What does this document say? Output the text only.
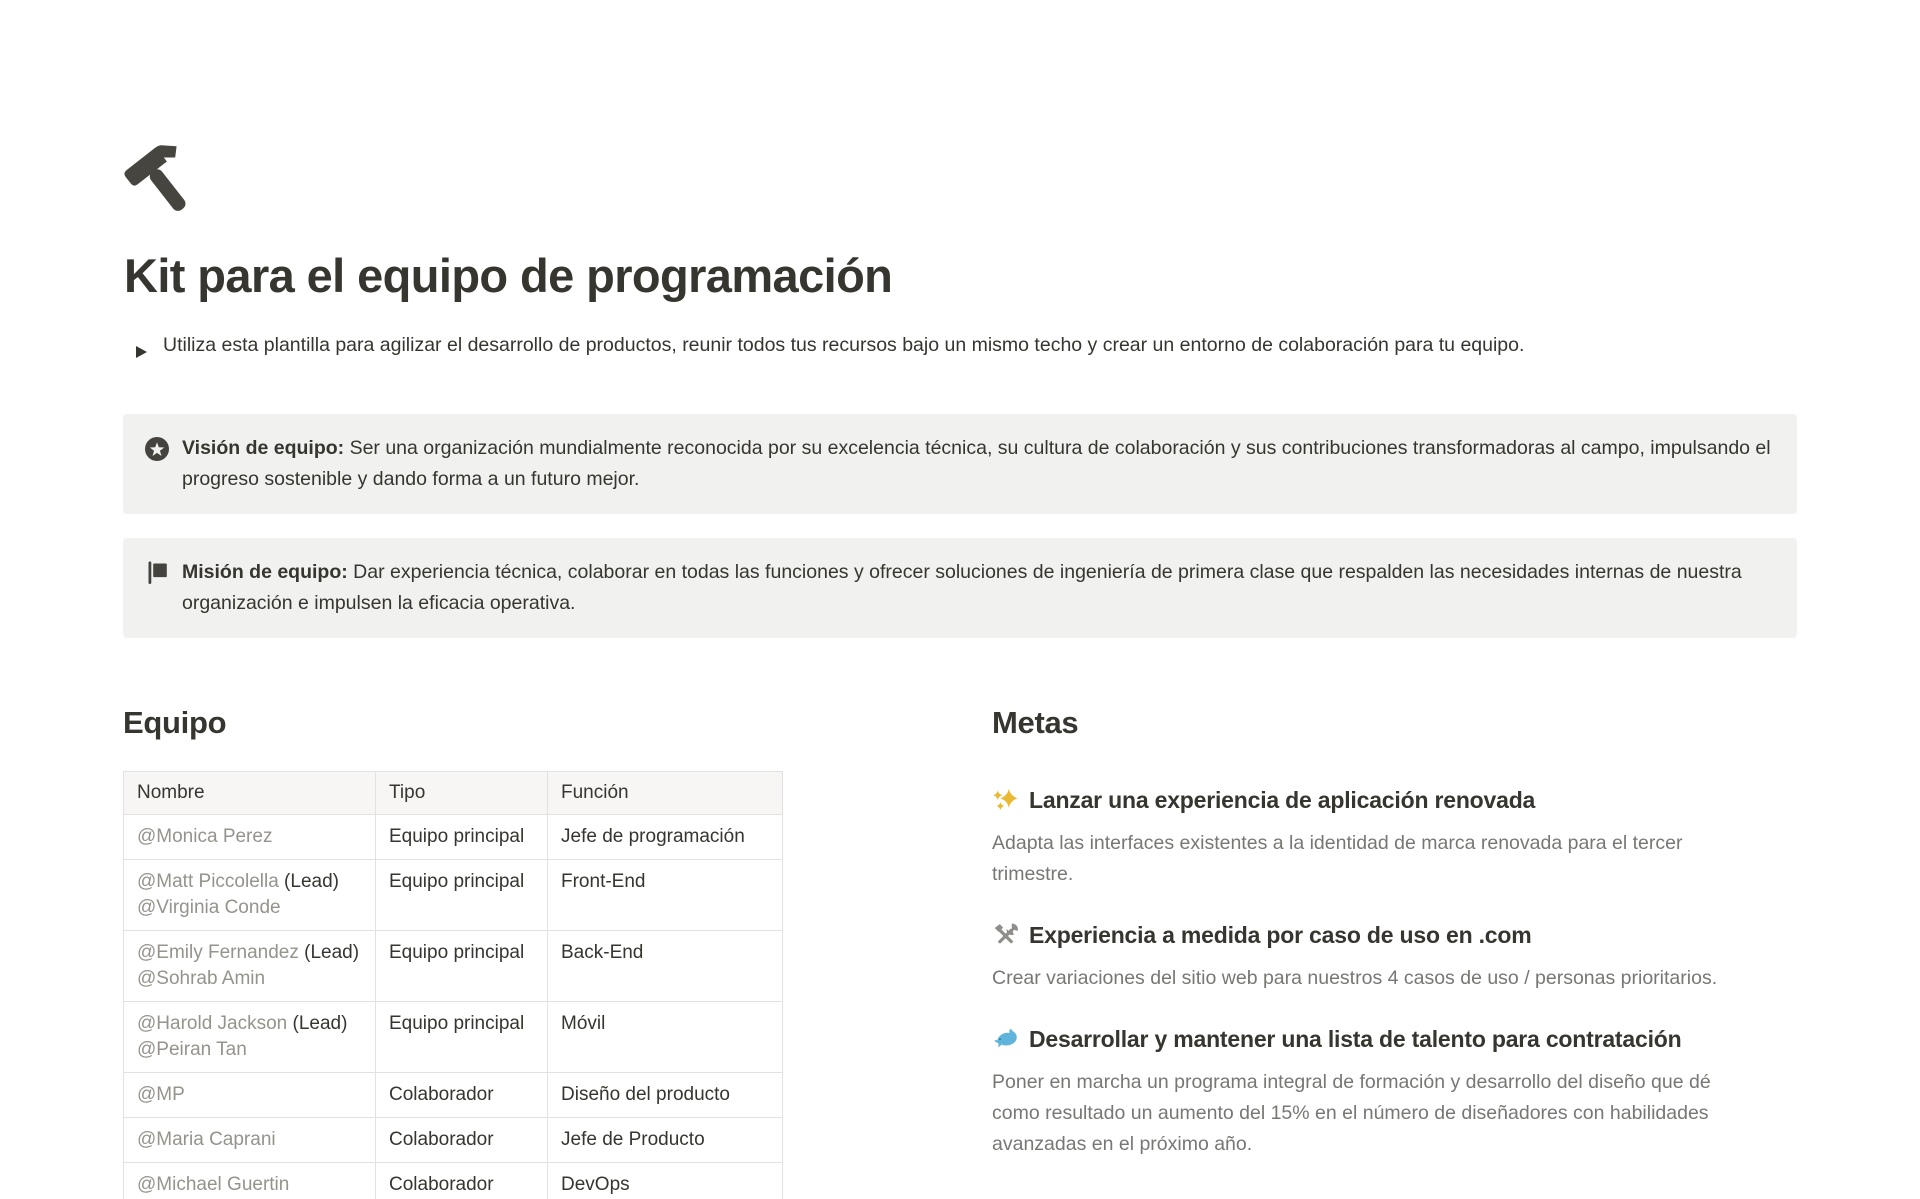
Kit para el equipo de programación
Utiliza esta plantilla para agilizar el desarrollo de productos, reunir todos tus recursos bajo un mismo techo y crear un entorno de colaboración para tu equipo.

Visión de equipo: Ser una organización mundialmente reconocida por su excelencia técnica, su cultura de colaboración y sus contribuciones transformadoras al campo, impulsando el progreso sostenible y dando forma a un futuro mejor.

Misión de equipo: Dar experiencia técnica, colaborar en todas las funciones y ofrecer soluciones de ingeniería de primera clase que respalden las necesidades internas de nuestra organización e impulsen la eficacia operativa.

Equipo
Nombre	Tipo	Función

@Monica Perez	Equipo principal	Jefe de programación

@Matt Piccolella (Lead)
@Virginia Conde	Equipo principal	Front-End

@Emily Fernandez (Lead)
@Sohrab Amin	Equipo principal	Back-End

@Harold Jackson (Lead)
@Peiran Tan	Equipo principal	Móvil

@MP	Colaborador	Diseño del producto

@Maria Caprani	Colaborador	Jefe de Producto

@Michael Guertin	Colaborador	DevOps

Metas
Lanzar una experiencia de aplicación renovada

Adapta las interfaces existentes a la identidad de marca renovada para el tercer trimestre.

Experiencia a medida por caso de uso en .com

Crear variaciones del sitio web para nuestros 4 casos de uso / personas prioritarios.

Desarrollar y mantener una lista de talento para contratación

Poner en marcha un programa integral de formación y desarrollo del diseño que dé como resultado un aumento del 15% en el número de diseñadores con habilidades avanzadas en el próximo año.
